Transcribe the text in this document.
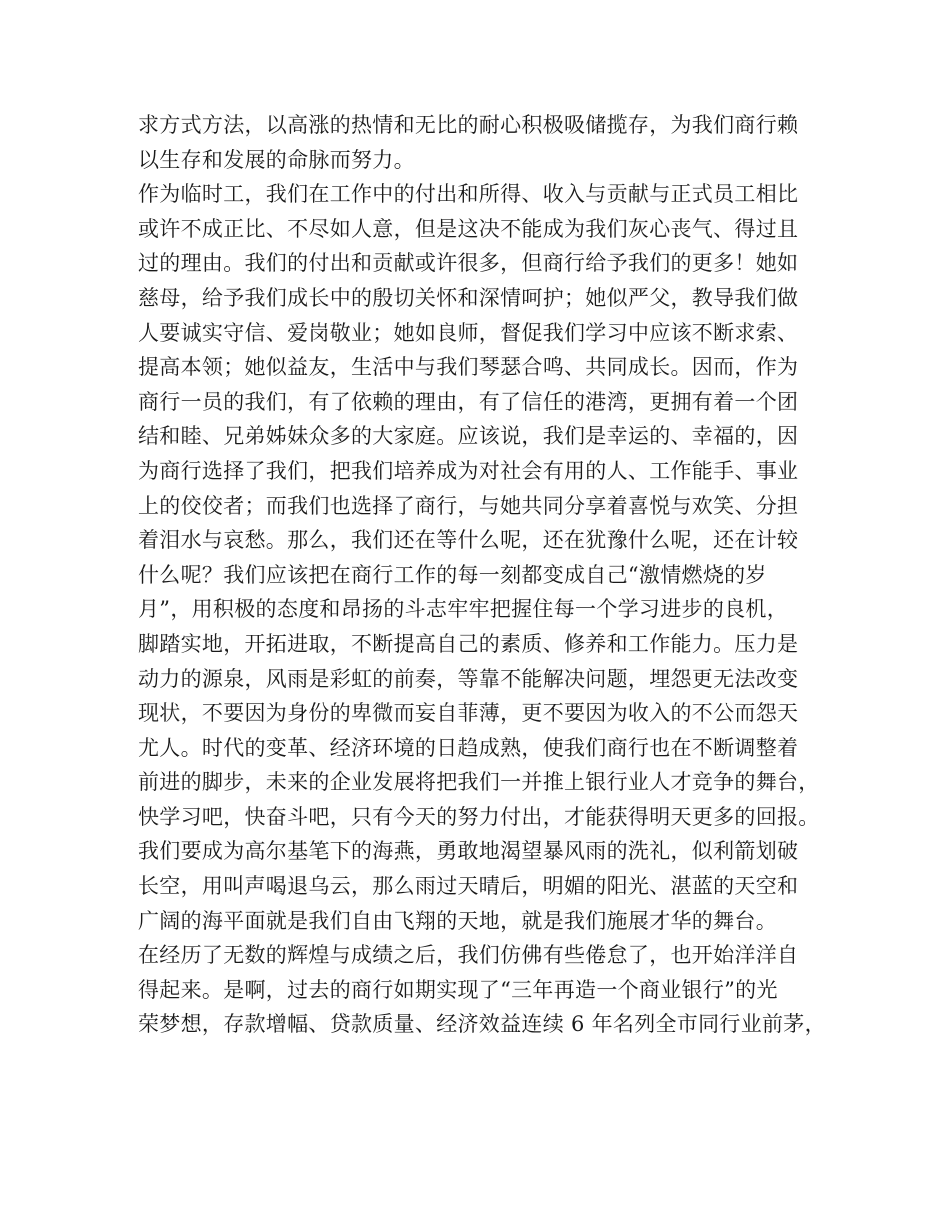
求方式方法，以高涨的热情和无比的耐心积极吸储揽存，为我们商行赖
以生存和发展的命脉而努力。
作为临时工，我们在工作中的付出和所得、收入与贡献与正式员工相比
或许不成正比、不尽如人意，但是这决不能成为我们灰心丧气、得过且
过的理由。我们的付出和贡献或许很多，但商行给予我们的更多！她如
慈母，给予我们成长中的殷切关怀和深情呵护；她似严父，教导我们做
人要诚实守信、爱岗敬业；她如良师，督促我们学习中应该不断求索、
提高本领；她似益友，生活中与我们琴瑟合鸣、共同成长。因而，作为
商行一员的我们，有了依赖的理由，有了信任的港湾，更拥有着一个团
结和睦、兄弟姊妹众多的大家庭。应该说，我们是幸运的、幸福的，因
为商行选择了我们，把我们培养成为对社会有用的人、工作能手、事业
上的佼佼者；而我们也选择了商行，与她共同分享着喜悦与欢笑、分担
着泪水与哀愁。那么，我们还在等什么呢，还在犹豫什么呢，还在计较
什么呢？我们应该把在商行工作的每一刻都变成自己“激情燃烧的岁
月”，用积极的态度和昂扬的斗志牢牢把握住每一个学习进步的良机，
脚踏实地，开拓进取，不断提高自己的素质、修养和工作能力。压力是
动力的源泉，风雨是彩虹的前奏，等靠不能解决问题，埋怨更无法改变
现状，不要因为身份的卑微而妄自菲薄，更不要因为收入的不公而怨天
尤人。时代的变革、经济环境的日趋成熟，使我们商行也在不断调整着
前进的脚步，未来的企业发展将把我们一并推上银行业人才竞争的舞台，
快学习吧，快奋斗吧，只有今天的努力付出，才能获得明天更多的回报。
我们要成为高尔基笔下的海燕，勇敢地渴望暴风雨的洗礼，似利箭划破
长空，用叫声喝退乌云，那么雨过天晴后，明媚的阳光、湛蓝的天空和
广阔的海平面就是我们自由飞翔的天地，就是我们施展才华的舞台。
在经历了无数的辉煌与成绩之后，我们仿佛有些倦怠了，也开始洋洋自
得起来。是啊，过去的商行如期实现了“三年再造一个商业银行”的光
荣梦想，存款增幅、贷款质量、经济效益连续 6 年名列全市同行业前茅，
